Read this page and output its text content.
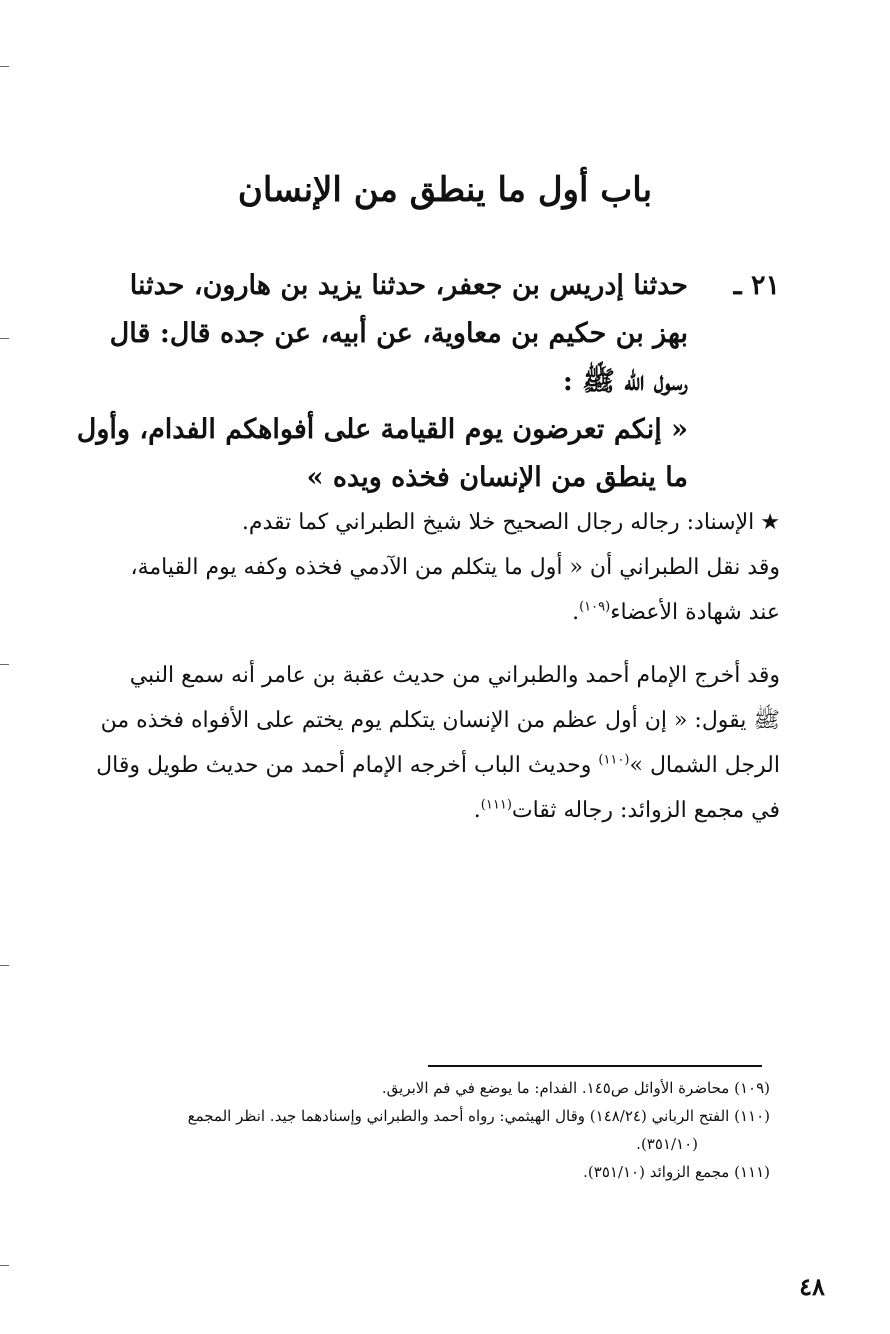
باب أول ما ينطق من الإنسان
٢١ ـحدثنا إدريس بن جعفر، حدثنا يزيد بن هارون، حدثنا
بهز بن حكيم بن معاوية، عن أبيه، عن جده قال: قال
رسول الله ﷺ :
« إنكم تعرضون يوم القيامة على أفواهكم الفدام، وأول
ما ينطق من الإنسان فخذه ويده »
★الإسناد: رجاله رجال الصحيح خلا شيخ الطبراني كما تقدم.
وقد نقل الطبراني أن « أول ما يتكلم من الآدمي فخذه وكفه يوم القيامة،
عند شهادة الأعضاء$^{(١٠٩)}$.
وقد أخرج الإمام أحمد والطبراني من حديث عقبة بن عامر أنه سمع النبي
ﷺ يقول: « إن أول عظم من الإنسان يتكلم يوم يختم على الأفواه فخذه من
الرجل الشمال »$^{(١١٠)}$ وحديث الباب أخرجه الإمام أحمد من حديث طويل وقال
في مجمع الزوائد: رجاله ثقات$^{(١١١)}$.
(١٠٩) محاضرة الأوائل ص١٤٥. الفدام: ما يوضع في فم الابريق.
(١١٠) الفتح الرباني (١٤٨/٢٤) وقال الهيثمي: رواه أحمد والطبراني وإسنادهما جيد. انظر المجمع
(٣٥١/١٠).
(١١١) مجمع الزوائد (٣٥١/١٠).
٤٨
